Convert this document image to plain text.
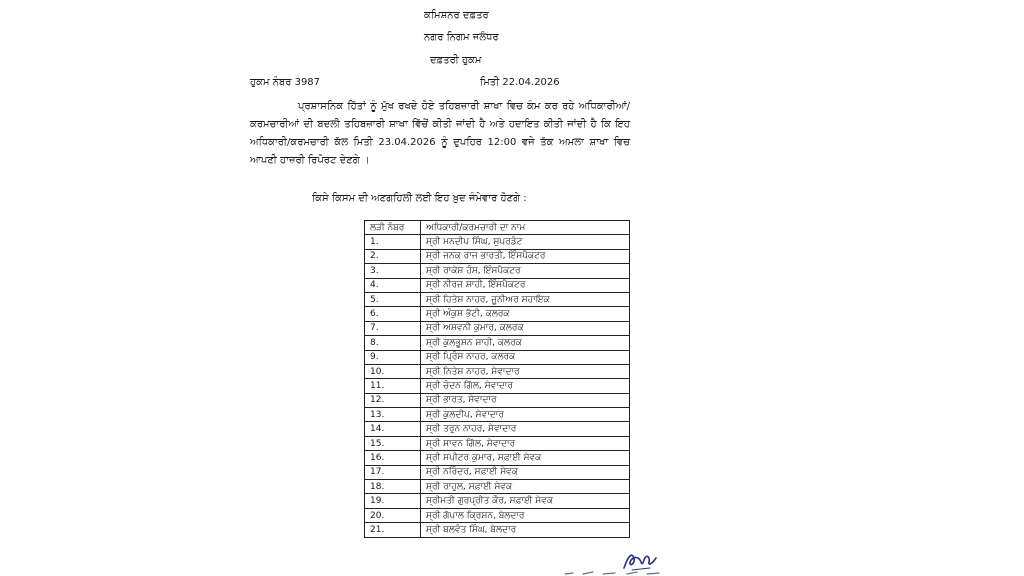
ਕਮਿਸ਼ਨਰ ਦਫ਼ਤਰ
ਨਗਰ ਨਿਗਮ ਜਲੰਧਰ
ਦਫ਼ਤਰੀ ਹੁਕਮ
ਹੁਕਮ ਨੰਬਰ 3987	ਮਿਤੀ 22.04.2026
ਪ੍ਰਸ਼ਾਸਨਿਕ ਹਿੱਤਾਂ ਨੂੰ ਮੁੱਖ ਰਖਦੇ ਹੋਏ ਤਹਿਬਜ਼ਾਰੀ ਸ਼ਾਖਾ ਵਿਚ ਕੰਮ ਕਰ ਰਹੇ ਅਧਿਕਾਰੀਆਂ/ਕਰਮਚਾਰੀਆਂ ਦੀ ਬਦਲੀ ਤਹਿਬਜ਼ਾਰੀ ਸ਼ਾਖਾ ਵਿੱਚੋਂ ਕੀਤੀ ਜਾਂਦੀ ਹੈ ਅਤੇ ਹਦਾਇਤ ਕੀਤੀ ਜਾਂਦੀ ਹੈ ਕਿ ਇਹ ਅਧਿਕਾਰੀ/ਕਰਮਚਾਰੀ ਕੱਲ ਮਿਤੀ 23.04.2026 ਨੂੰ ਦੁਪਹਿਰ 12:00 ਵਜੇ ਤੱਕ ਅਮਲਾ ਸ਼ਾਖਾ ਵਿਚ ਆਪਣੀ ਹਾਜ਼ਰੀ ਰਿਪੋਰਟ ਦੇਣਗੇ ।
ਕਿਸੇ ਕਿਸਮ ਦੀ ਅਣਗਹਿਲੀ ਲਈ ਇਹ ਖ਼ੁਦ ਜੰਮੇਵਾਰ ਹੋਣਗੇ :
ਲੜੀ ਨੰਬਰ	ਅਧਿਕਾਰੀ/ਕਰਮਚਾਰੀ ਦਾ ਨਾਮ
1.	ਸ੍ਰੀ ਮਨਦੀਪ ਸਿੰਘ, ਸੁਪਰਡੰਟ
2.	ਸ੍ਰੀ ਜਨਕ ਰਾਜ ਭਾਰਤੀ, ਇੰਸਪੈਕਟਰ
3.	ਸ੍ਰੀ ਰਾਕੇਸ਼ ਹੰਸ, ਇੰਸਪੈਕਟਰ
4.	ਸ੍ਰੀ ਨੀਰਜ ਸ਼ਾਹੀ, ਇੰਸਪੈਕਟਰ
5.	ਸ੍ਰੀ ਹਿਤੇਸ਼ ਨਾਹਰ, ਜੂਨੀਅਰ ਸਹਾਇਕ
6.	ਸ੍ਰੀ ਅੰਕੁਸ਼ ਭੱਟੀ, ਕਲਰਕ
7.	ਸ੍ਰੀ ਅਸ਼ਵਨੀ ਕੁਮਾਰ, ਕਲਰਕ
8.	ਸ੍ਰੀ ਕੁਲਭੂਸ਼ਨ ਸ਼ਾਹੀ, ਕਲਰਕ
9.	ਸ੍ਰੀ ਪ੍ਰਿੰਸ ਨਾਹਰ, ਕਲਰਕ
10.	ਸ੍ਰੀ ਨਿਤੇਸ਼ ਨਾਹਰ, ਸੇਵਾਦਾਰ
11.	ਸ੍ਰੀ ਚੰਦਨ ਗਿੱਲ, ਸੇਵਾਦਾਰ
12.	ਸ੍ਰੀ ਭਾਰਤ, ਸੇਵਾਦਾਰ
13.	ਸ੍ਰੀ ਕੁਲਦੀਪ, ਸੇਵਾਦਾਰ
14.	ਸ੍ਰੀ ਤਰੁਨ ਨਾਹਰ, ਸੇਵਾਦਾਰ
15.	ਸ੍ਰੀ ਸਾਵਨ ਗਿੱਲ, ਸੇਵਾਦਾਰ
16.	ਸ੍ਰੀ ਸਪੀਟਰ ਕੁਮਾਰ, ਸਫ਼ਾਈ ਸੇਵਕ
17.	ਸ੍ਰੀ ਨਰਿੰਦਰ, ਸਫ਼ਾਈ ਸੇਵਕ
18.	ਸ੍ਰੀ ਰਾਹੁਲ, ਸਫ਼ਾਈ ਸੇਵਕ
19.	ਸ੍ਰੀਮਤੀ ਗੁਰਪ੍ਰੀਤ ਕੌਰ, ਸਫ਼ਾਈ ਸੇਵਕ
20.	ਸ੍ਰੀ ਗੋਪਾਲ ਕ੍ਰਿਸ਼ਨ, ਬੇਲਦਾਰ
21.	ਸ੍ਰੀ ਬਲਵੰਤ ਸਿੰਘ, ਬੇਲਦਾਰ
